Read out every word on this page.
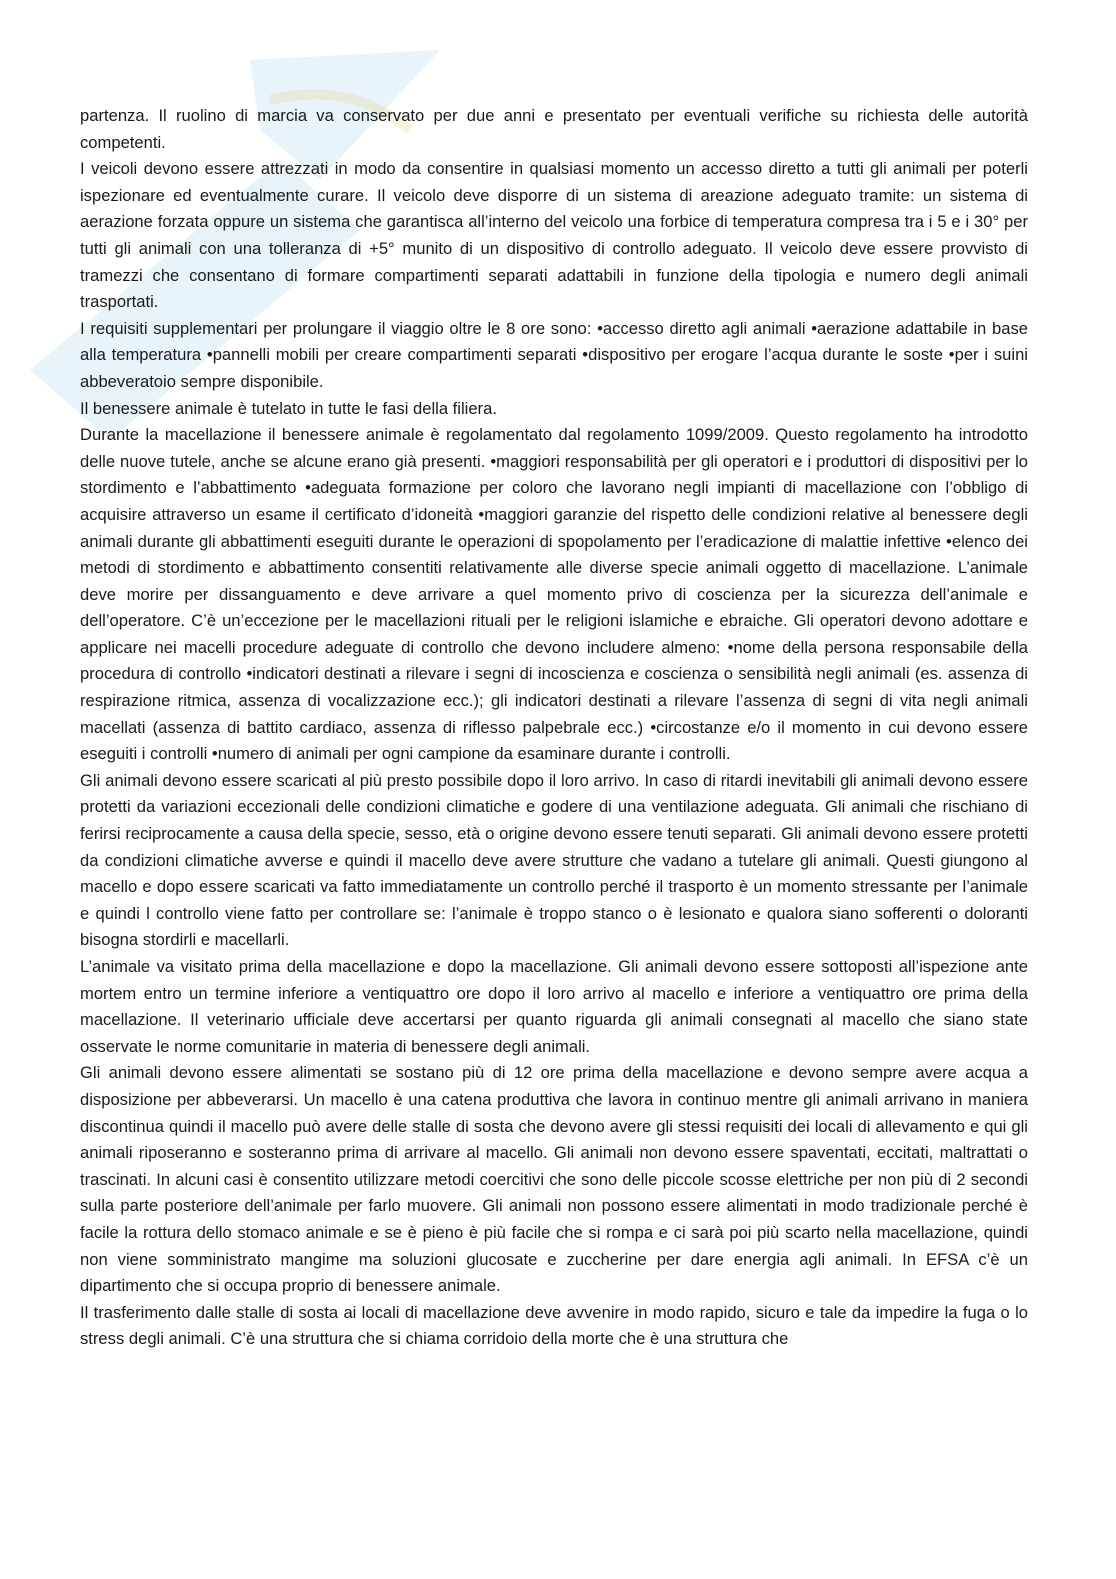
partenza. Il ruolino di marcia va conservato per due anni e presentato per eventuali verifiche su richiesta delle autorità competenti.

I veicoli devono essere attrezzati in modo da consentire in qualsiasi momento un accesso diretto a tutti gli animali per poterli ispezionare ed eventualmente curare. Il veicolo deve disporre di un sistema di areazione adeguato tramite: un sistema di aerazione forzata oppure un sistema che garantisca all’interno del veicolo una forbice di temperatura compresa tra i 5 e i 30° per tutti gli animali con una tolleranza di +5° munito di un dispositivo di controllo adeguato. Il veicolo deve essere provvisto di tramezzi che consentano di formare compartimenti separati adattabili in funzione della tipologia e numero degli animali trasportati.

I requisiti supplementari per prolungare il viaggio oltre le 8 ore sono: •accesso diretto agli animali •aerazione adattabile in base alla temperatura •pannelli mobili per creare compartimenti separati •dispositivo per erogare l’acqua durante le soste •per i suini abbeveratoio sempre disponibile.

Il benessere animale è tutelato in tutte le fasi della filiera.

Durante la macellazione il benessere animale è regolamentato dal regolamento 1099/2009. Questo regolamento ha introdotto delle nuove tutele, anche se alcune erano già presenti. •maggiori responsabilità per gli operatori e i produttori di dispositivi per lo stordimento e l’abbattimento •adeguata formazione per coloro che lavorano negli impianti di macellazione con l’obbligo di acquisire attraverso un esame il certificato d’idoneità •maggiori garanzie del rispetto delle condizioni relative al benessere degli animali durante gli abbattimenti eseguiti durante le operazioni di spopolamento per l’eradicazione di malattie infettive •elenco dei metodi di stordimento e abbattimento consentiti relativamente alle diverse specie animali oggetto di macellazione. L’animale deve morire per dissanguamento e deve arrivare a quel momento privo di coscienza per la sicurezza dell’animale e dell’operatore. C’è un’eccezione per le macellazioni rituali per le religioni islamiche e ebraiche. Gli operatori devono adottare e applicare nei macelli procedure adeguate di controllo che devono includere almeno: •nome della persona responsabile della procedura di controllo •indicatori destinati a rilevare i segni di incoscienza e coscienza o sensibilità negli animali (es. assenza di respirazione ritmica, assenza di vocalizzazione ecc.); gli indicatori destinati a rilevare l’assenza di segni di vita negli animali macellati (assenza di battito cardiaco, assenza di riflesso palpebrale ecc.) •circostanze e/o il momento in cui devono essere eseguiti i controlli •numero di animali per ogni campione da esaminare durante i controlli.

Gli animali devono essere scaricati al più presto possibile dopo il loro arrivo. In caso di ritardi inevitabili gli animali devono essere protetti da variazioni eccezionali delle condizioni climatiche e godere di una ventilazione adeguata. Gli animali che rischiano di ferirsi reciprocamente a causa della specie, sesso, età o origine devono essere tenuti separati. Gli animali devono essere protetti da condizioni climatiche avverse e quindi il macello deve avere strutture che vadano a tutelare gli animali. Questi giungono al macello e dopo essere scaricati va fatto immediatamente un controllo perché il trasporto è un momento stressante per l’animale e quindi l controllo viene fatto per controllare se: l’animale è troppo stanco o è lesionato e qualora siano sofferenti o doloranti bisogna stordirli e macellarli.

L’animale va visitato prima della macellazione e dopo la macellazione. Gli animali devono essere sottoposti all’ispezione ante mortem entro un termine inferiore a ventiquattro ore dopo il loro arrivo al macello e inferiore a ventiquattro ore prima della macellazione. Il veterinario ufficiale deve accertarsi per quanto riguarda gli animali consegnati al macello che siano state osservate le norme comunitarie in materia di benessere degli animali.

Gli animali devono essere alimentati se sostano più di 12 ore prima della macellazione e devono sempre avere acqua a disposizione per abbeverarsi. Un macello è una catena produttiva che lavora in continuo mentre gli animali arrivano in maniera discontinua quindi il macello può avere delle stalle di sosta che devono avere gli stessi requisiti dei locali di allevamento e qui gli animali riposeranno e sosteranno prima di arrivare al macello. Gli animali non devono essere spaventati, eccitati, maltrattati o trascinati. In alcuni casi è consentito utilizzare metodi coercitivi che sono delle piccole scosse elettriche per non più di 2 secondi sulla parte posteriore dell’animale per farlo muovere. Gli animali non possono essere alimentati in modo tradizionale perché è facile la rottura dello stomaco animale e se è pieno è più facile che si rompa e ci sarà poi più scarto nella macellazione, quindi non viene somministrato mangime ma soluzioni glucosate e zuccherine per dare energia agli animali. In EFSA c’è un dipartimento che si occupa proprio di benessere animale.

Il trasferimento dalle stalle di sosta ai locali di macellazione deve avvenire in modo rapido, sicuro e tale da impedire la fuga o lo stress degli animali. C’è una struttura che si chiama corridoio della morte che è una struttura che
